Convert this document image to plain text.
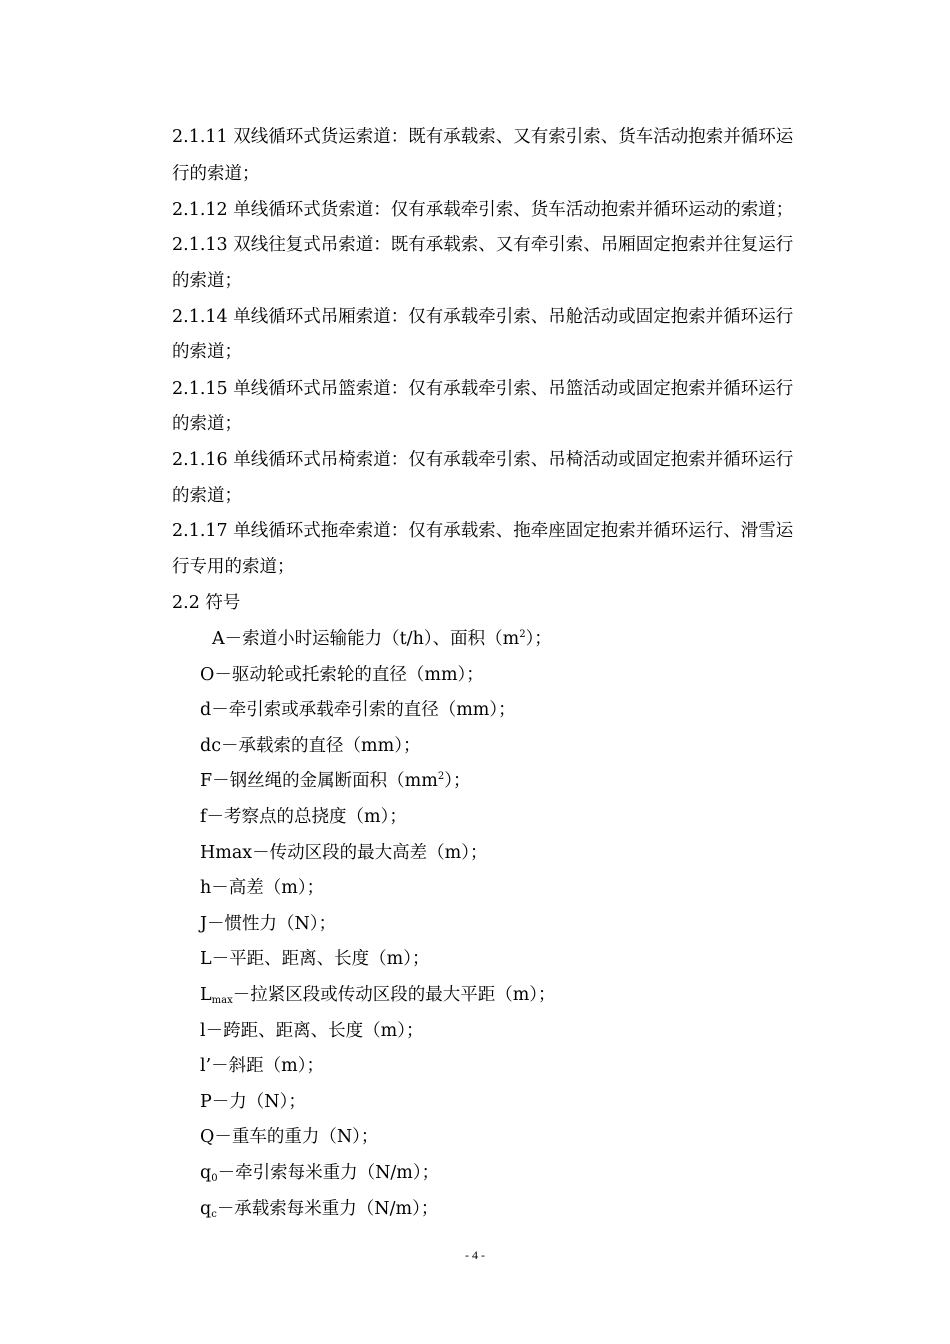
2.1.11 双线循环式货运索道：既有承载索、又有索引索、货车活动抱索并循环运
行的索道；
2.1.12 单线循环式货索道：仅有承载牵引索、货车活动抱索并循环运动的索道；
2.1.13 双线往复式吊索道：既有承载索、又有牵引索、吊厢固定抱索并往复运行
的索道；
2.1.14 单线循环式吊厢索道：仅有承载牵引索、吊舱活动或固定抱索并循环运行
的索道；
2.1.15 单线循环式吊篮索道：仅有承载牵引索、吊篮活动或固定抱索并循环运行
的索道；
2.1.16 单线循环式吊椅索道：仅有承载牵引索、吊椅活动或固定抱索并循环运行
的索道；
2.1.17 单线循环式拖牵索道：仅有承载索、拖牵座固定抱索并循环运行、滑雪运
行专用的索道；
2.2 符号
A－索道小时运输能力（t/h）、面积$(m^2)$；
O－驱动轮或托索轮的直径（mm）；
d－牵引索或承载牵引索的直径（mm）；
dc－承载索的直径（mm）；
F－钢丝绳的金属断面积$(mm^2)$；
f－考察点的总挠度（m）；
Hmax－传动区段的最大高差（m）；
h－高差（m）；
J－惯性力（N）；
L－平距、距离、长度（m）；
$L_{max}-$拉紧区段或传动区段的最大平距（m）；
l－跨距、距离、长度（m）；
l’－斜距（m）；
P－力（N）；
Q－重车的重力（N）；
$q_0-$牵引索每米重力（N/m）；
$q_c-$承载索每米重力（N/m）；
- 4 -
